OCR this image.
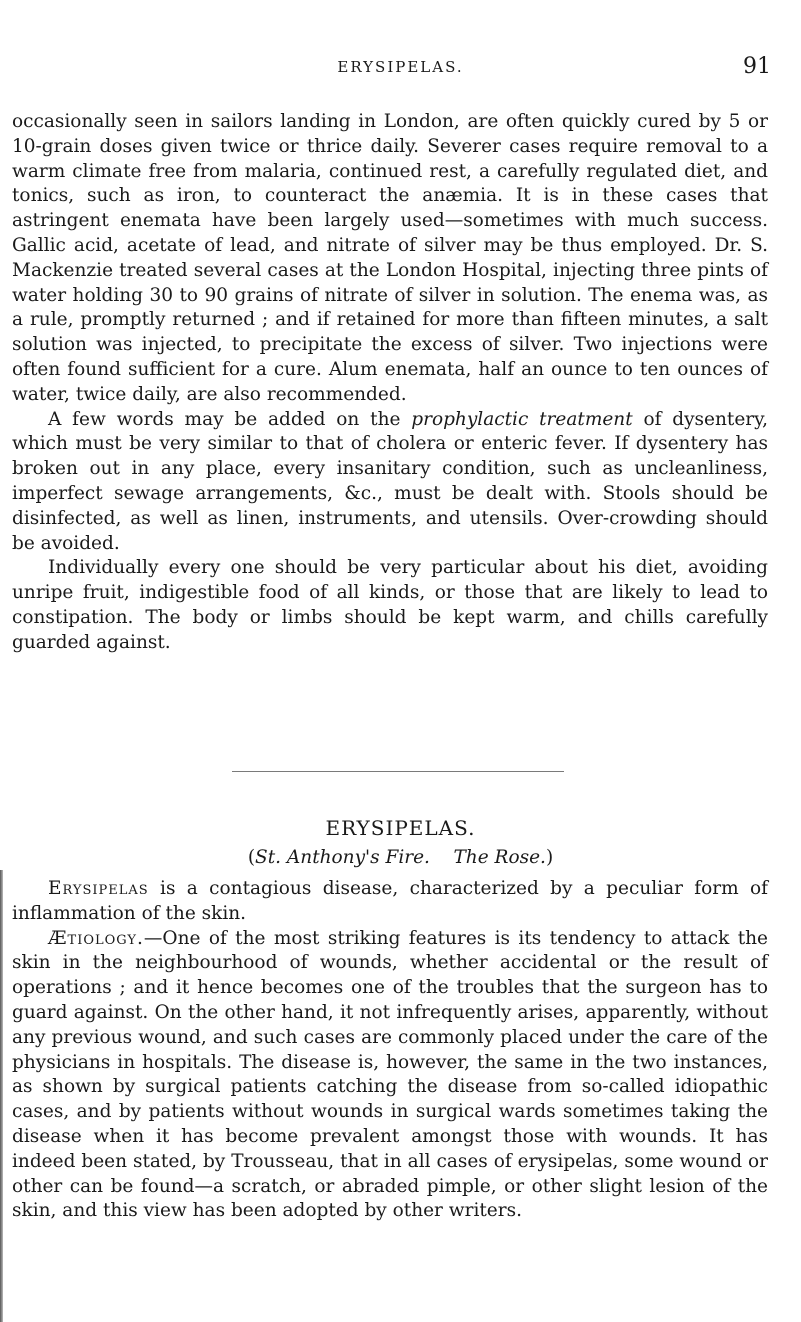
ERYSIPELAS.	91

occasionally seen in sailors landing in London, are often quickly cured by 5 or 10-grain doses given twice or thrice daily. Severer cases require removal to a warm climate free from malaria, continued rest, a carefully regulated diet, and tonics, such as iron, to counteract the anæmia. It is in these cases that astringent enemata have been largely used—sometimes with much success. Gallic acid, acetate of lead, and nitrate of silver may be thus employed. Dr. S. Mackenzie treated several cases at the London Hospital, injecting three pints of water holding 30 to 90 grains of nitrate of silver in solution. The enema was, as a rule, promptly returned ; and if retained for more than fifteen minutes, a salt solution was injected, to precipitate the excess of silver. Two injections were often found sufficient for a cure. Alum enemata, half an ounce to ten ounces of water, twice daily, are also recommended.

A few words may be added on the prophylactic treatment of dysentery, which must be very similar to that of cholera or enteric fever. If dysentery has broken out in any place, every insanitary condition, such as uncleanliness, imperfect sewage arrangements, &c., must be dealt with. Stools should be disinfected, as well as linen, instruments, and utensils. Over-crowding should be avoided.

Individually every one should be very particular about his diet, avoiding unripe fruit, indigestible food of all kinds, or those that are likely to lead to constipation. The body or limbs should be kept warm, and chills carefully guarded against.

ERYSIPELAS.
(St. Anthony's Fire. The Rose.)

Erysipelas is a contagious disease, characterized by a peculiar form of inflammation of the skin.

Ætiology.—One of the most striking features is its tendency to attack the skin in the neighbourhood of wounds, whether accidental or the result of operations ; and it hence becomes one of the troubles that the surgeon has to guard against. On the other hand, it not infrequently arises, apparently, without any previous wound, and such cases are commonly placed under the care of the physicians in hospitals. The disease is, however, the same in the two instances, as shown by surgical patients catching the disease from so-called idiopathic cases, and by patients without wounds in surgical wards sometimes taking the disease when it has become prevalent amongst those with wounds. It has indeed been stated, by Trousseau, that in all cases of erysipelas, some wound or other can be found—a scratch, or abraded pimple, or other slight lesion of the skin, and this view has been adopted by other writers.
